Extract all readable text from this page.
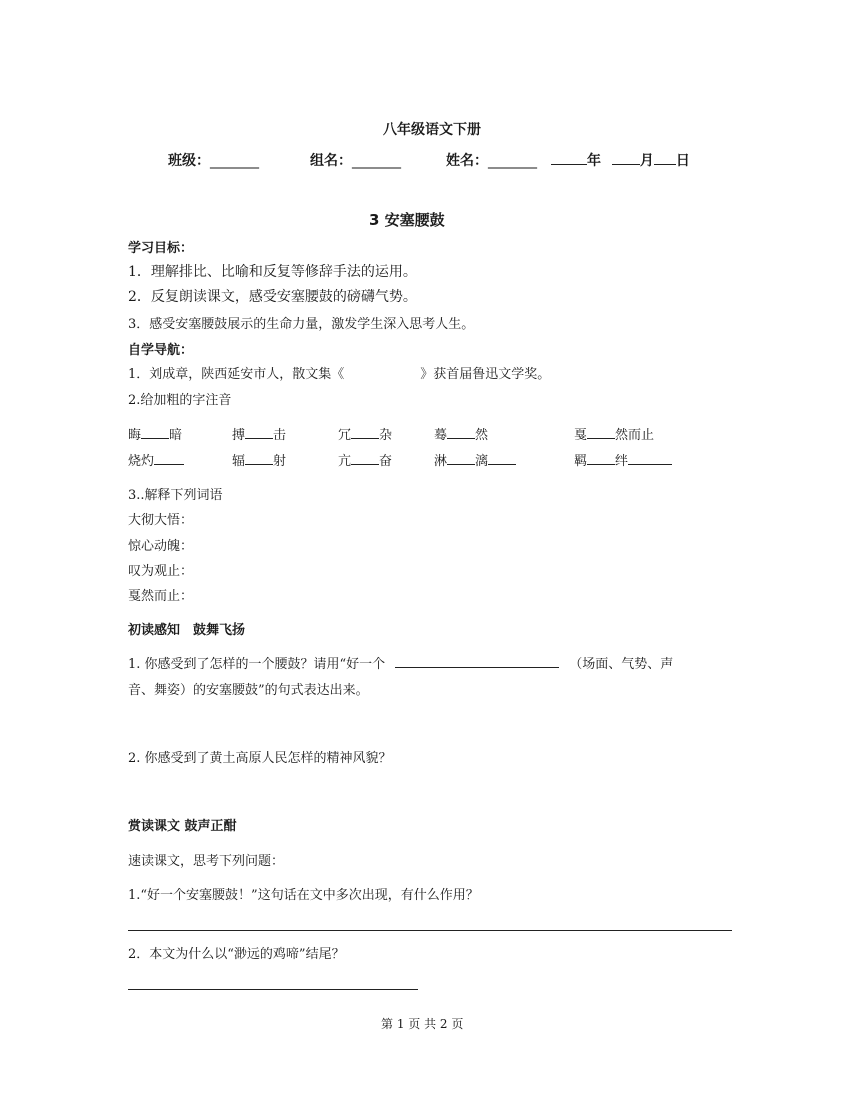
八年级语文下册
班级：_______	组名：_______	姓名：_______	年	月 日
3 安塞腰鼓
学习目标：
1．理解排比、比喻和反复等修辞手法的运用。
2．反复朗读课文，感受安塞腰鼓的磅礴气势。
3．感受安塞腰鼓展示的生命力量，激发学生深入思考人生。
自学导航：
1．刘成章，陕西延安市人，散文集《	》获首届鲁迅文学奖。
2.给加粗的字注音
晦 暗	搏 击	冗 杂	蓦 然	戛 然而止
烧灼	辐 射	亢 奋	淋 漓	羁 绊
3..解释下列词语
大彻大悟：
惊心动魄：
叹为观止：
戛然而止：
初读感知　鼓舞飞扬
1. 你感受到了怎样的一个腰鼓？请用“好一个	（场面、气势、声
音、舞姿）的安塞腰鼓”的句式表达出来。
2. 你感受到了黄土高原人民怎样的精神风貌？
赏读课文 鼓声正酣
速读课文，思考下列问题：
1.“好一个安塞腰鼓！”这句话在文中多次出现，有什么作用？
2．本文为什么以“渺远的鸡啼”结尾？
第 1 页 共 2 页
